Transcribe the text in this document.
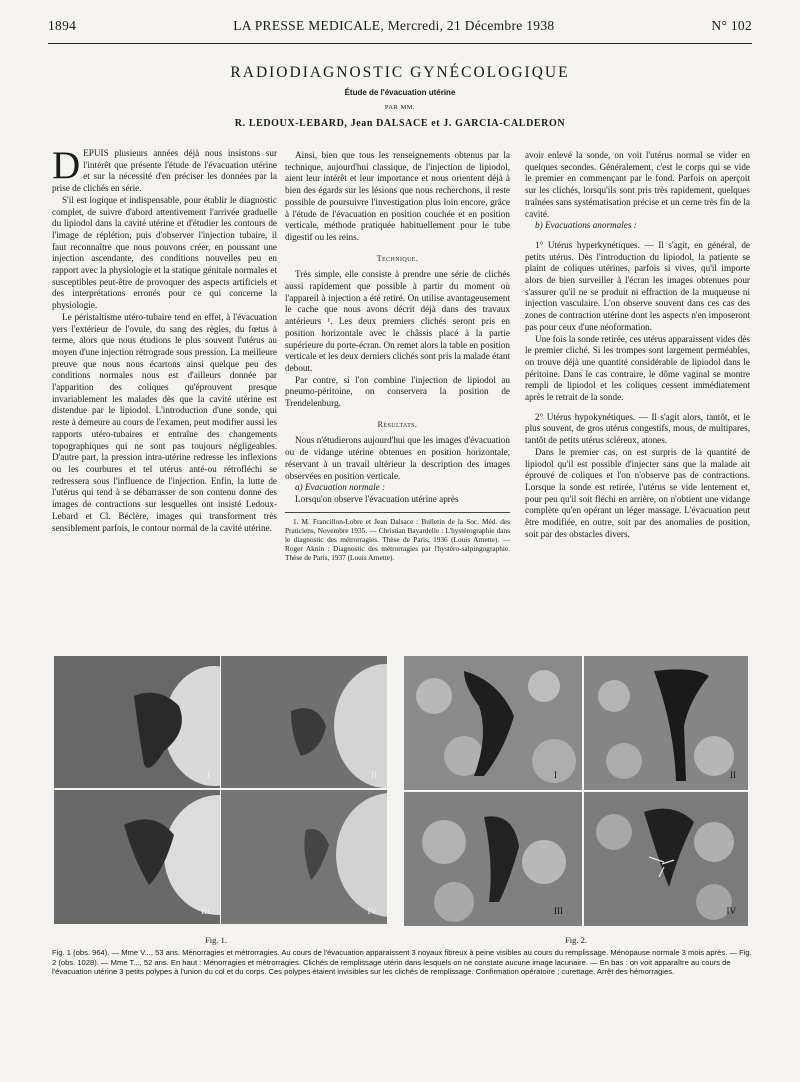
1894	LA PRESSE MEDICALE, Mercredi, 21 Décembre 1938	N° 102
RADIODIAGNOSTIC GYNÉCOLOGIQUE
Étude de l'évacuation utérine
PAR MM.
R. LEDOUX-LEBARD, Jean DALSACE et J. GARCIA-CALDERON

DEPUIS plusieurs années déjà nous insistons sur l'intérêt que présente l'étude de l'évacuation utérine et sur la nécessité d'en préciser les données par la prise de clichés en série.

S'il est logique et indispensable, pour établir le diagnostic complet, de suivre d'abord attentivement l'arrivée graduelle du lipiodol dans la cavité utérine et d'étudier les contours de l'image de réplétion, puis d'observer l'injection tubaire, il faut reconnaître que nous pouvons créer, en poussant une injection ascendante, des conditions nouvelles peu en rapport avec la physiologie et la statique génitale normales et susceptibles peut-être de provoquer des aspects artificiels et des interprétations erronés pour ce qui concerne la physiologie.

Le péristaltisme utéro-tubaire tend en effet, à l'évacuation vers l'extérieur de l'ovule, du sang des règles, du fœtus à terme, alors que nous étudions le plus souvent l'utérus au moyen d'une injection rétrograde sous pression. La meilleure preuve que nous nous écartons ainsi quelque peu des conditions normales nous est d'ailleurs donnée par l'apparition des coliques qu'éprouvent presque invariablement les malades dès que la cavité utérine est distendue par le lipiodol. L'introduction d'une sonde, qui reste à demeure au cours de l'examen, peut modifier aussi les rapports utéro-tubaires et entraîne des changements topographiques qui ne sont pas toujours négligeables. D'autre part, la pression intra-utérine redresse les inflexions ou les courbures et tel utérus anté-ou rétrofléchi se redressera sous l'influence de l'injection. Enfin, la lutte de l'utérus qui tend à se débarrasser de son contenu donne des images de contractions sur lesquelles ont insisté Ledoux-Lebard et Cl. Béclère, images qui transforment très sensiblement parfois, le contour normal de la cavité utérine.

Ainsi, bien que tous les renseignements obtenus par la technique, aujourd'hui classique, de l'injection de lipiodol, aient leur intérêt et leur importance et nous orientent déjà à bien des égards sur les lésions que nous recherchons, il reste possible de poursuivre l'investigation plus loin encore, grâce à l'étude de l'évacuation en position couchée et en position verticale, méthode pratiquée habituellement pour le tube digestif ou les reins.

Technique.

Très simple, elle consiste à prendre une série de clichés aussi rapidement que possible à partir du moment où l'appareil à injection a été retiré. On utilise avantageusement le cache que nous avons décrit déjà dans des travaux antérieurs ¹. Les deux premiers clichés seront pris en position horizontale avec le châssis placé à la partie supérieure du porte-écran. On remet alors la table en position verticale et les deux derniers clichés sont pris la malade étant debout.

Par contre, si l'on combine l'injection de lipiodol au pneumo-péritoine, on conservera la position de Trendelenburg.

Résultats.

Nous n'étudierons aujourd'hui que les images d'évacuation ou de vidange utérine obtenues en position horizontale, réservant à un travail ultérieur la description des images observées en position verticale.

a) Evacuation normale :

Lorsqu'on observe l'évacuation utérine après

1. M. Francillon-Lobre et Jean Dalsace : Bulletin de la Soc. Méd. des Praticiens, Novembre 1935. — Christian Bayardelle : L'hystérographie dans le diagnostic des métrorragies. Thèse de Paris, 1936 (Louis Arnette). — Roger Aknin : Diagnostic des métrorragies par l'hystéro-salpingographie. Thèse de Paris, 1937 (Louis Arnette).

avoir enlevé la sonde, on voit l'utérus normal se vider en quelques secondes. Généralement, c'est le corps qui se vide le premier en commençant par le fond. Parfois on aperçoit sur les clichés, lorsqu'ils sont pris très rapidement, quelques traînées sans systématisation précise et un cerne très fin de la cavité.

b) Evacuations anormales :

1° Utérus hyperkynétiques. — Il s'agit, en général, de petits utérus. Dès l'introduction du lipiodol, la patiente se plaint de coliques utérines, parfois si vives, qu'il importe alors de bien surveiller à l'écran les images obtenues pour s'assurer qu'il ne se produit ni effraction de la muqueuse ni injection vasculaire. L'on observe souvent dans ces cas des zones de contraction utérine dont les aspects n'en imposeront pas pour ceux d'une néoformation.

Une fois la sonde retirée, ces utérus apparaissent vides dès le premier cliché. Si les trompes sont largement perméables, on trouve déjà une quantité considérable de lipiodol dans le péritoine. Dans le cas contraire, le dôme vaginal se montre rempli de lipiodol et les coliques cessent immédiatement après le retrait de la sonde.

2° Utérus hypokynétiques. — Il s'agit alors, tantôt, et le plus souvent, de gros utérus congestifs, mous, de multipares, tantôt de petits utérus scléreux, atones.

Dans le premier cas, on est surpris de la quantité de lipiodol qu'il est possible d'injecter sans que la malade ait éprouvé de coliques et l'on n'observe pas de contractions. Lorsque la sonde est retirée, l'utérus se vide lentement et, pour peu qu'il soit fléchi en arrière, on n'obtient une vidange complète qu'en opérant un léger massage. L'évacuation peut être modifiée, en outre, soit par des anomalies de position, soit par des obstacles divers.

I	II
III	IV
Fig. 1.
I	II
III	IV
Fig. 2.
Fig. 1 (obs. 964). — Mme V..., 53 ans. Ménorragies et métrorragies. Au cours de l'évacuation apparaissent 3 noyaux fibreux à peine visibles au cours du remplissage. Ménopause normale 3 mois après. — Fig. 2 (obs. 1028). — Mme T..., 52 ans. En haut : Ménorragies et métrorragies. Clichés de remplissage utérin dans lesquels on ne constate aucune image lacunaire. — En bas : on voit apparaître au cours de l'évacuation utérine 3 petits polypes à l'union du col et du corps. Ces polypes étaient invisibles sur les clichés de remplissage. Confirmation opératoire ; curettage. Arrêt des hémorragies.
